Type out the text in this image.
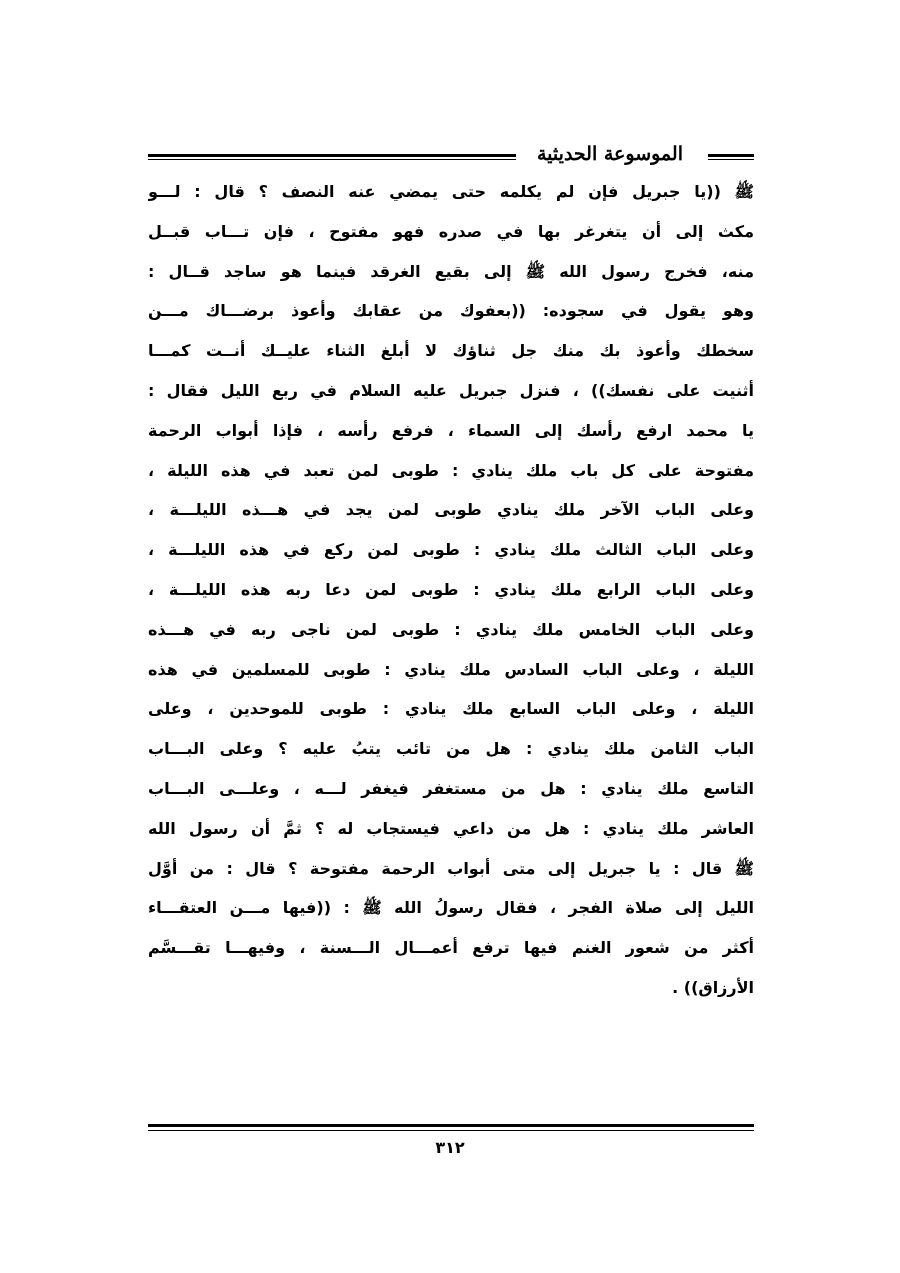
الموسوعة الحديثية
ﷺ ((يا جبريل فإن لم يكلمه حتى يمضي عنه النصف ؟ قال : لـــو
مكث إلى أن يتغرغر بها في صدره فهو مفتوح ، فإن تـــاب قبــل
منه، فخرج رسول الله ﷺ إلى بقيع الغرقد فينما هو ساجد قــال :
وهو يقول في سجوده: ((بعفوك من عقابك وأعوذ برضـــاك مـــن
سخطك وأعوذ بك منك جل ثناؤك لا أبلغ الثناء عليــك أنــت كمـــا
أثنيت على نفسك)) ، فنزل جبريل عليه السلام في ربع الليل فقال :
يا محمد ارفع رأسك إلى السماء ، فرفع رأسه ، فإذا أبواب الرحمة
مفتوحة على كل باب ملك ينادي : طوبى لمن تعبد في هذه الليلة ،
وعلى الباب الآخر ملك ينادي طوبى لمن يجد في هـــذه الليلـــة ،
وعلى الباب الثالث ملك ينادي : طوبى لمن ركع في هذه الليلـــة ،
وعلى الباب الرابع ملك ينادي : طوبى لمن دعا ربه هذه الليلـــة ،
وعلى الباب الخامس ملك ينادي : طوبى لمن ناجى ربه في هـــذه
الليلة ، وعلى الباب السادس ملك ينادي : طوبى للمسلمين في هذه
الليلة ، وعلى الباب السابع ملك ينادي : طوبى للموحدين ، وعلى
الباب الثامن ملك ينادي : هل من تائب يتبُ عليه ؟ وعلى البـــاب
التاسع ملك ينادي : هل من مستغفر فيغفر لـــه ، وعلـــى البـــاب
العاشر ملك ينادي : هل من داعي فيستجاب له ؟ ثمَّ أن رسول الله
ﷺ قال : يا جبريل إلى متى أبواب الرحمة مفتوحة ؟ قال : من أوَّل
الليل إلى صلاة الفجر ، فقال رسولُ الله ﷺ : ((فيها مـــن العتقـــاء
أكثر من شعور الغنم فيها ترفع أعمـــال الـــسنة ، وفيهـــا تقـــسَّم
الأرزاق)) .
٣١٢
